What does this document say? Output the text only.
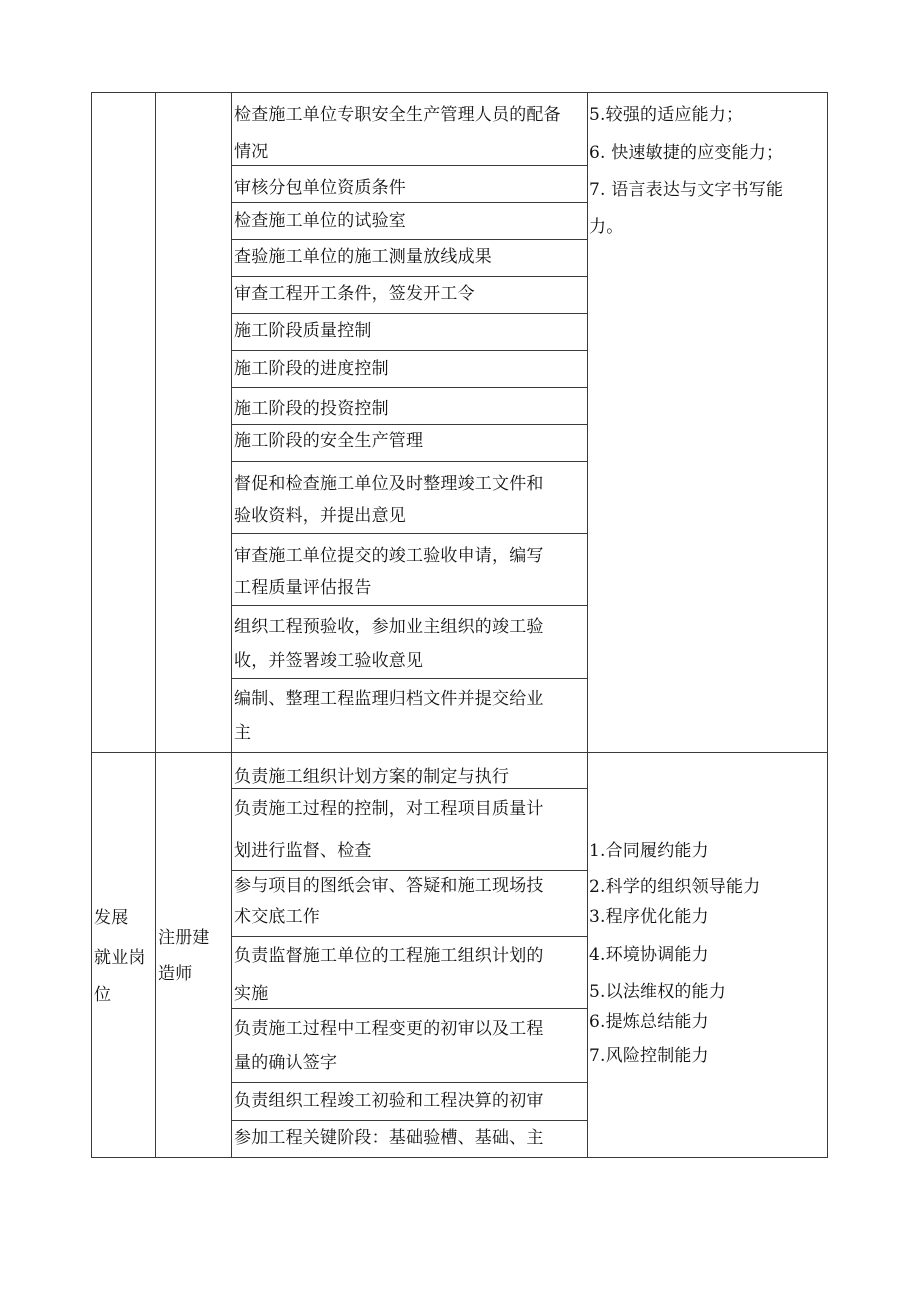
检查施工单位专职安全生产管理人员的配备
情况
审核分包单位资质条件
检查施工单位的试验室
查验施工单位的施工测量放线成果
审查工程开工条件，签发开工令
施工阶段质量控制
施工阶段的进度控制
施工阶段的投资控制
施工阶段的安全生产管理
督促和检查施工单位及时整理竣工文件和
验收资料，并提出意见
审查施工单位提交的竣工验收申请，编写
工程质量评估报告
组织工程预验收，参加业主组织的竣工验
收，并签署竣工验收意见
编制、整理工程监理归档文件并提交给业
主
5.较强的适应能力；
6. 快速敏捷的应变能力；
7. 语言表达与文字书写能
力。
发展
就业岗
位
注册建
造师
负责施工组织计划方案的制定与执行
负责施工过程的控制，对工程项目质量计
划进行监督、检查
参与项目的图纸会审、答疑和施工现场技
术交底工作
负责监督施工单位的工程施工组织计划的
实施
负责施工过程中工程变更的初审以及工程
量的确认签字
负责组织工程竣工初验和工程决算的初审
参加工程关键阶段：基础验槽、基础、主
1.合同履约能力
2.科学的组织领导能力
3.程序优化能力
4.环境协调能力
5.以法维权的能力
6.提炼总结能力
7.风险控制能力
